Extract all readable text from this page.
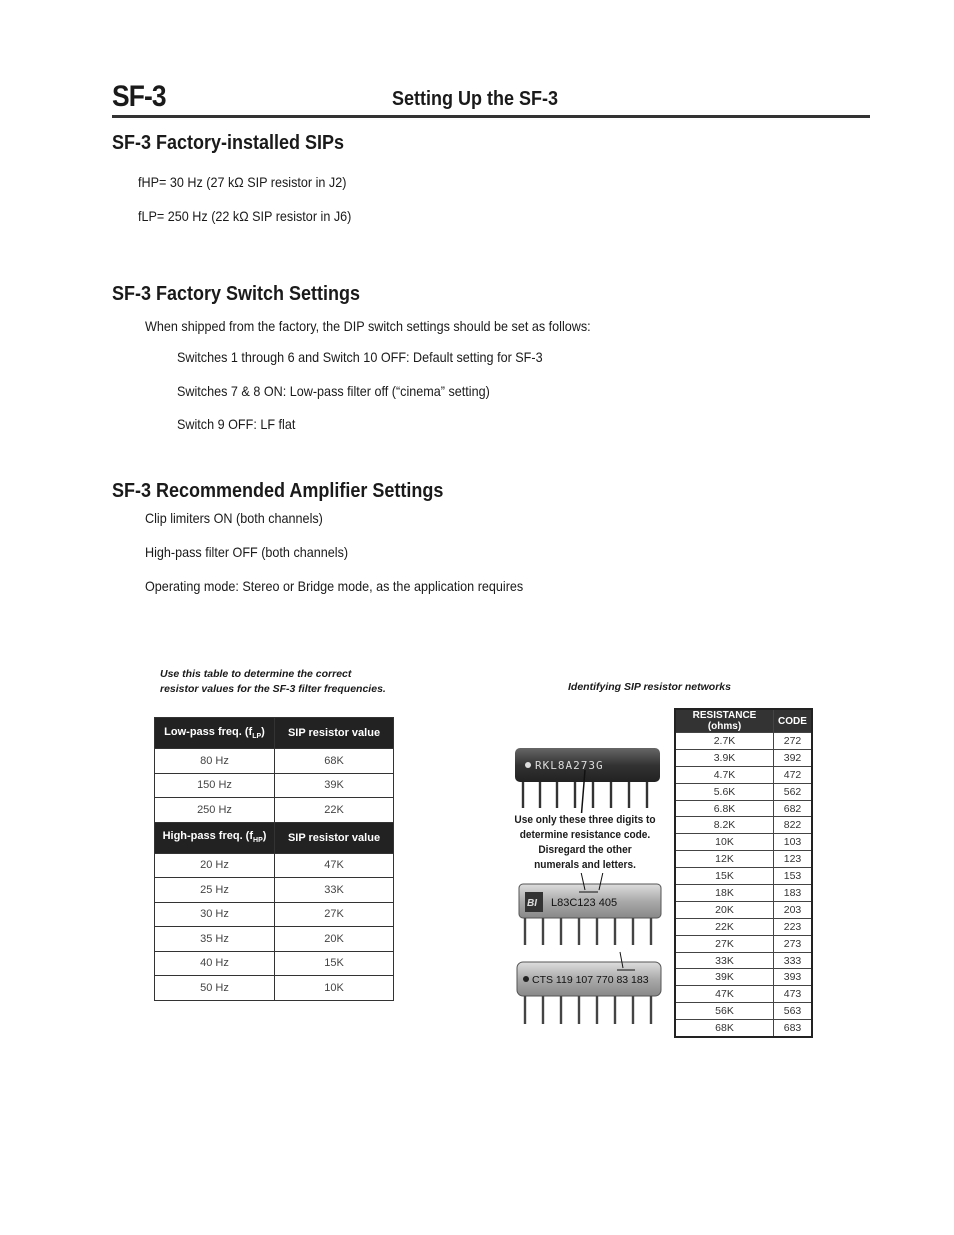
SF-3	Setting Up the SF-3
SF-3 Factory-installed SIPs
fHP= 30 Hz (27 kΩ SIP resistor in J2)
fLP= 250 Hz (22 kΩ SIP resistor in J6)
SF-3 Factory Switch Settings
When shipped from the factory, the DIP switch settings should be set as follows:
Switches 1 through 6 and Switch 10 OFF: Default setting for SF-3
Switches 7 & 8 ON: Low-pass filter off (“cinema” setting)
Switch 9 OFF: LF flat
SF-3 Recommended Amplifier Settings
Clip limiters ON (both channels)
High-pass filter OFF (both channels)
Operating mode: Stereo or Bridge mode, as the application requires
Use this table to determine the correct
resistor values for the SF-3 filter frequencies.
Low-pass freq. $(f_{LP})$	SIP resistor value
80 Hz	68K
150 Hz	39K
250 Hz	22K
High-pass freq. $(f_{HP})$	SIP resistor value
20 Hz	47K
25 Hz	33K
30 Hz	27K
35 Hz	20K
40 Hz	15K
50 Hz	10K
Identifying SIP resistor networks
RKL8A273G
BI L83C123 405
CTS 119 107 770 83 183
Use only these three digits to
determine resistance code.
Disregard the other
numerals and letters.
RESISTANCE (ohms)	CODE
2.7K	272
3.9K	392
4.7K	472
5.6K	562
6.8K	682
8.2K	822
10K	103
12K	123
15K	153
18K	183
20K	203
22K	223
27K	273
33K	333
39K	393
47K	473
56K	563
68K	683
